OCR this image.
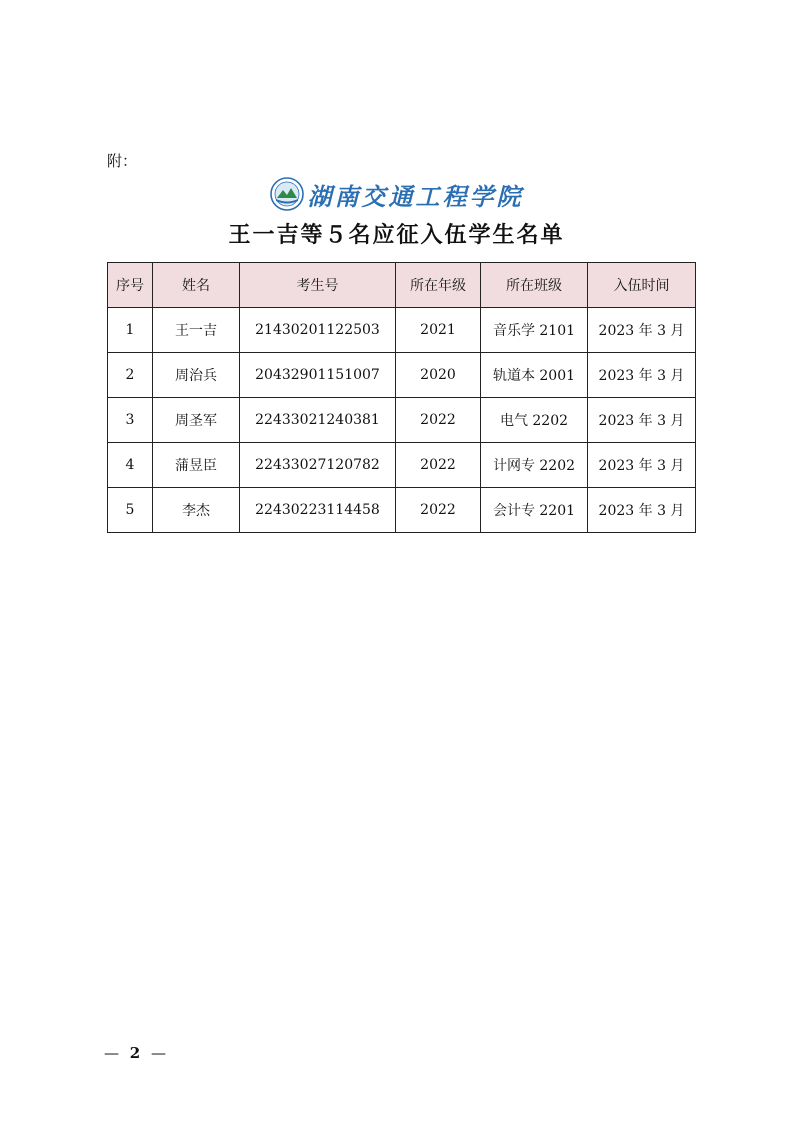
附：
湖南交通工程学院
王一吉等５名应征入伍学生名单
序号	姓名	考生号	所在年级	所在班级	入伍时间
1	王一吉	21430201122503	2021	音乐学 2101	2023 年 3 月
2	周治兵	20432901151007	2020	轨道本 2001	2023 年 3 月
3	周圣军	22433021240381	2022	电气 2202	2023 年 3 月
4	蒲昱臣	22433027120782	2022	计网专 2202	2023 年 3 月
5	李杰	22430223114458	2022	会计专 2201	2023 年 3 月
— 2 —
